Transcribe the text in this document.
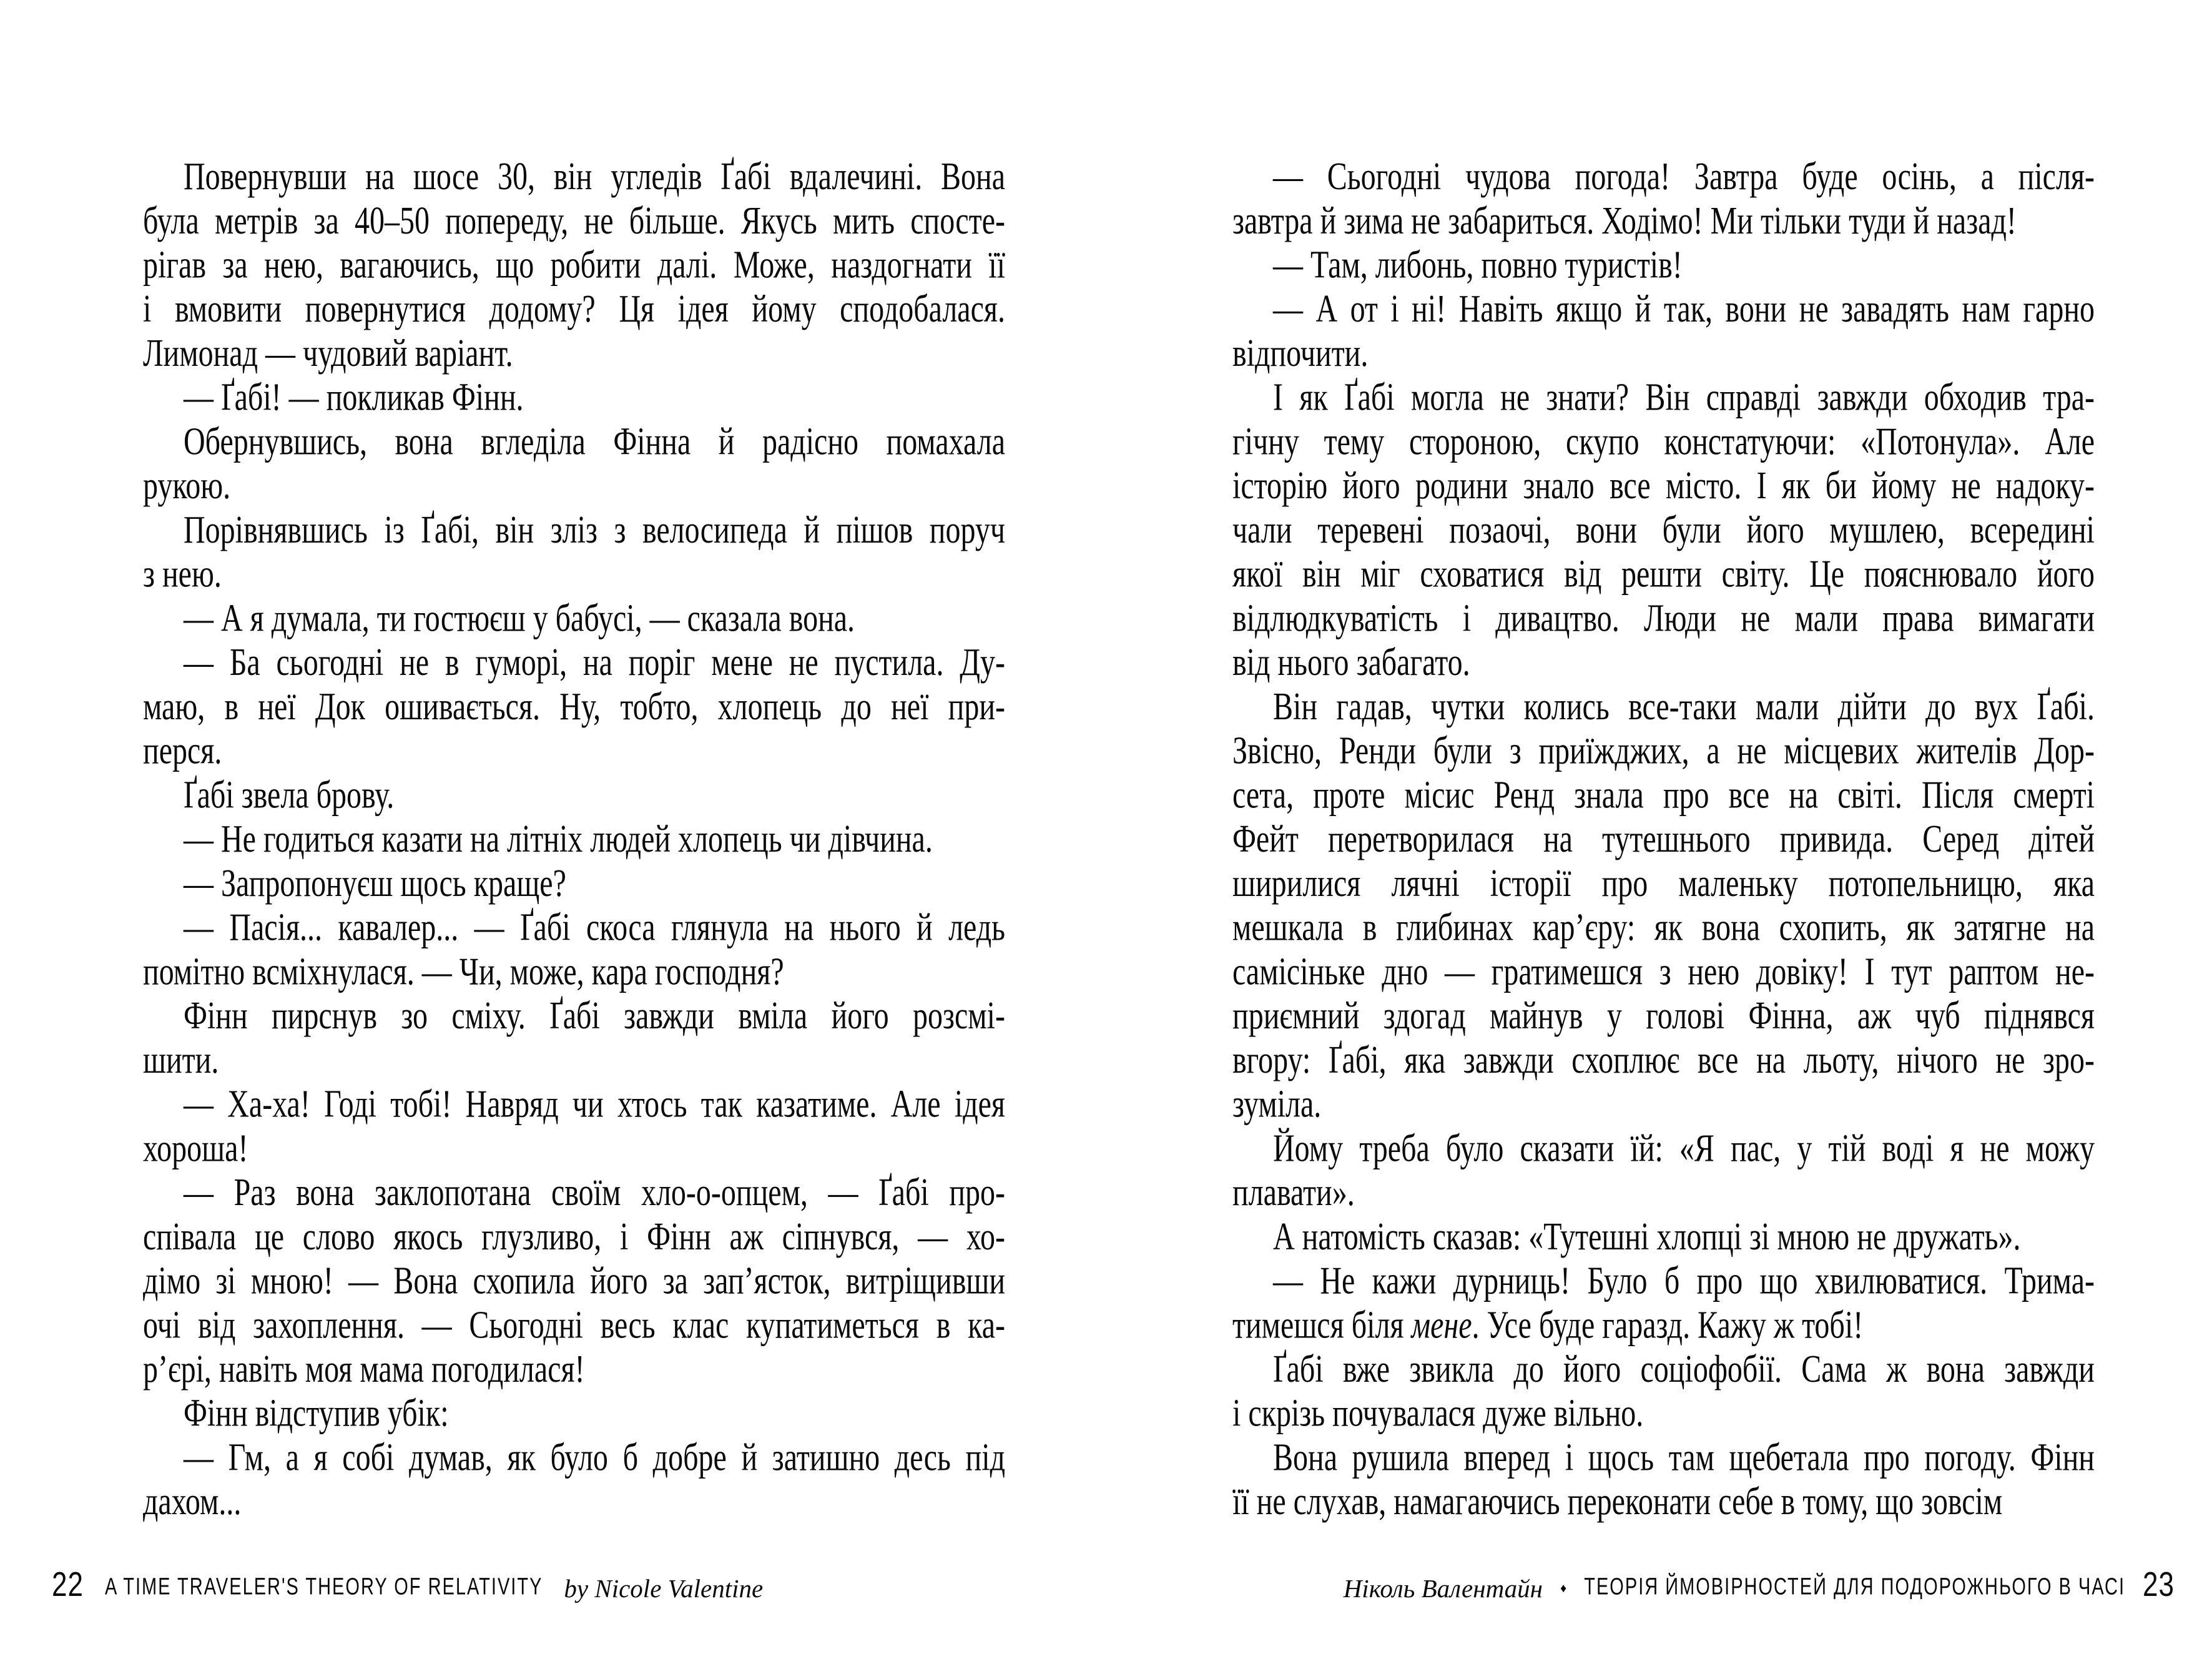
Повернувши на шосе 30, він угледів Ґабі вдалечині. Вона
була метрів за 40–50 попереду, не більше. Якусь мить спосте-
рігав за нею, вагаючись, що робити далі. Може, наздогнати її
і вмовити повернутися додому? Ця ідея йому сподобалася.
Лимонад — чудовий варіант.
— Ґабі! — покликав Фінн.
Обернувшись, вона вгледіла Фінна й радісно помахала
рукою.
Порівнявшись із Ґабі, він зліз з велосипеда й пішов поруч
з нею.
— А я думала, ти гостюєш у бабусі, — сказала вона.
— Ба сьогодні не в гуморі, на поріг мене не пустила. Ду-
маю, в неї Док ошивається. Ну, тобто, хлопець до неї при-
перся.
Ґабі звела брову.
— Не годиться казати на літніх людей хлопець чи дівчина.
— Запропонуєш щось краще?
— Пасія... кавалер... — Ґабі скоса глянула на нього й ледь
помітно всміхнулася. — Чи, може, кара господня?
Фінн пирснув зо сміху. Ґабі завжди вміла його розсмі-
шити.
— Ха-ха! Годі тобі! Навряд чи хтось так казатиме. Але ідея
хороша!
— Раз вона заклопотана своїм хло-о-опцем, — Ґабі про-
співала це слово якось глузливо, і Фінн аж сіпнувся, — хо-
дімо зі мною! — Вона схопила його за зап’ясток, витріщивши
очі від захоплення. — Сьогодні весь клас купатиметься в ка-
р’єрі, навіть моя мама погодилася!
Фінн відступив убік:
— Гм, а я собі думав, як було б добре й затишно десь під
дахом...
— Сьогодні чудова погода! Завтра буде осінь, а після-
завтра й зима не забариться. Ходімо! Ми тільки туди й назад!
— Там, либонь, повно туристів!
— А от і ні! Навіть якщо й так, вони не завадять нам гарно
відпочити.
І як Ґабі могла не знати? Він справді завжди обходив тра-
гічну тему стороною, скупо констатуючи: «Потонула». Але
історію його родини знало все місто. І як би йому не надоку-
чали теревені позаочі, вони були його мушлею, всередині
якої він міг сховатися від решти світу. Це пояснювало його
відлюдкуватість і дивацтво. Люди не мали права вимагати
від нього забагато.
Він гадав, чутки колись все-таки мали дійти до вух Ґабі.
Звісно, Ренди були з приїжджих, а не місцевих жителів Дор-
сета, проте місис Ренд знала про все на світі. Після смерті
Фейт перетворилася на тутешнього привида. Серед дітей
ширилися лячні історії про маленьку потопельницю, яка
мешкала в глибинах кар’єру: як вона схопить, як затягне на
самісіньке дно — гратимешся з нею довіку! І тут раптом не-
приємний здогад майнув у голові Фінна, аж чуб піднявся
вгору: Ґабі, яка завжди схоплює все на льоту, нічого не зро-
зуміла.
Йому треба було сказати їй: «Я пас, у тій воді я не можу
плавати».
А натомість сказав: «Тутешні хлопці зі мною не дружать».
— Не кажи дурниць! Було б про що хвилюватися. Трима-
тимешся біля мене. Усе буде гаразд. Кажу ж тобі!
Ґабі вже звикла до його соціофобії. Сама ж вона завжди
і скрізь почувалася дуже вільно.
Вона рушила вперед і щось там щебетала про погоду. Фінн
її не слухав, намагаючись переконати себе в тому, що зовсім
22 A TIME TRAVELER'S THEORY OF RELATIVITY by Nicole Valentine	Ніколь Валентайн ♦ ТЕОРІЯ ЙМОВІРНОСТЕЙ ДЛЯ ПОДОРОЖНЬОГО В ЧАСІ 23
